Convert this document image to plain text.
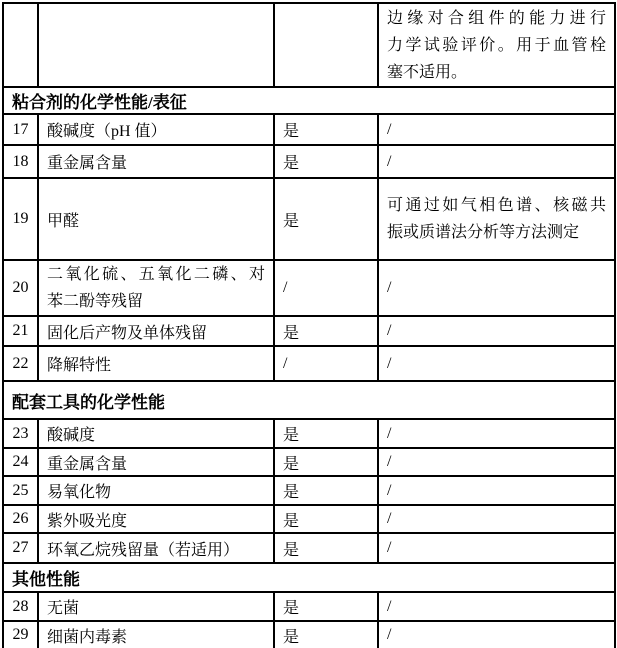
			边缘对合组件的能力进行
力学试验评价。用于血管栓
塞不适用。

粘合剂的化学性能/表征			
17	酸碱度（pH 值）	是	/
18	重金属含量	是	/
19	甲醛	是	可通过如气相色谱、核磁共
振或质谱法分析等方法测定

20	二氧化硫、五氧化二磷、对
苯二酚等残留	/	/
21	固化后产物及单体残留	是	/
22	降解特性	/	/
配套工具的化学性能			
23	酸碱度	是	/
24	重金属含量	是	/
25	易氧化物	是	/
26	紫外吸光度	是	/
27	环氧乙烷残留量（若适用）	是	/
其他性能			
28	无菌	是	/
29	细菌内毒素	是	/
